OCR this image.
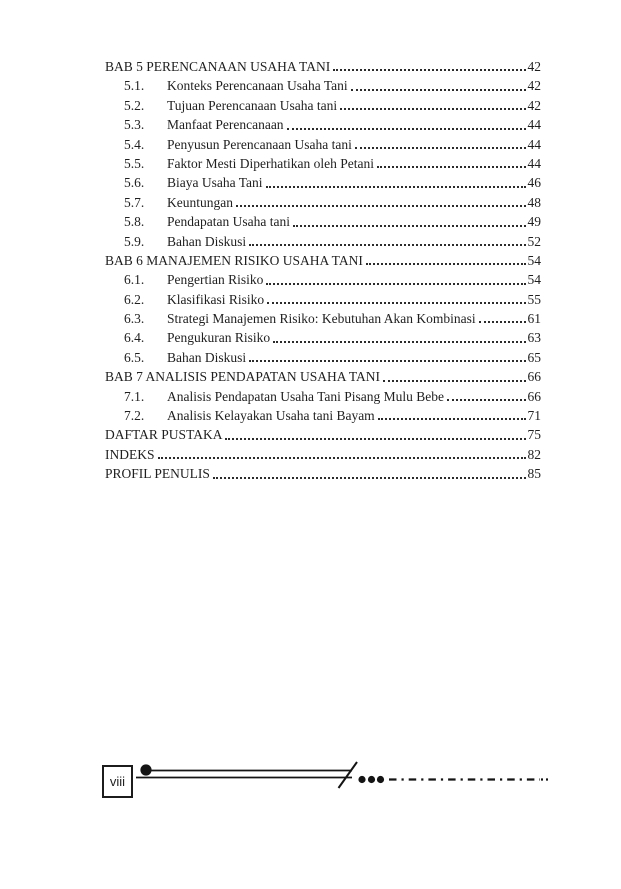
BAB 5 PERENCANAAN USAHA TANI	42
5.1.	Konteks Perencanaan Usaha Tani	42
5.2.	Tujuan Perencanaan Usaha tani	42
5.3.	Manfaat Perencanaan	44
5.4.	Penyusun Perencanaan Usaha tani	44
5.5.	Faktor Mesti Diperhatikan oleh Petani	44
5.6.	Biaya Usaha Tani	46
5.7.	Keuntungan	48
5.8.	Pendapatan Usaha tani	49
5.9.	Bahan Diskusi	52
BAB 6 MANAJEMEN RISIKO USAHA TANI	54
6.1.	Pengertian Risiko	54
6.2.	Klasifikasi Risiko	55
6.3.	Strategi Manajemen Risiko: Kebutuhan Akan Kombinasi	61
6.4.	Pengukuran Risiko	63
6.5.	Bahan Diskusi	65
BAB 7 ANALISIS PENDAPATAN USAHA TANI	66
7.1.	Analisis Pendapatan Usaha Tani Pisang Mulu Bebe	66
7.2.	Analisis Kelayakan Usaha tani Bayam	71
DAFTAR PUSTAKA	75
INDEKS	82
PROFIL PENULIS	85
viii
